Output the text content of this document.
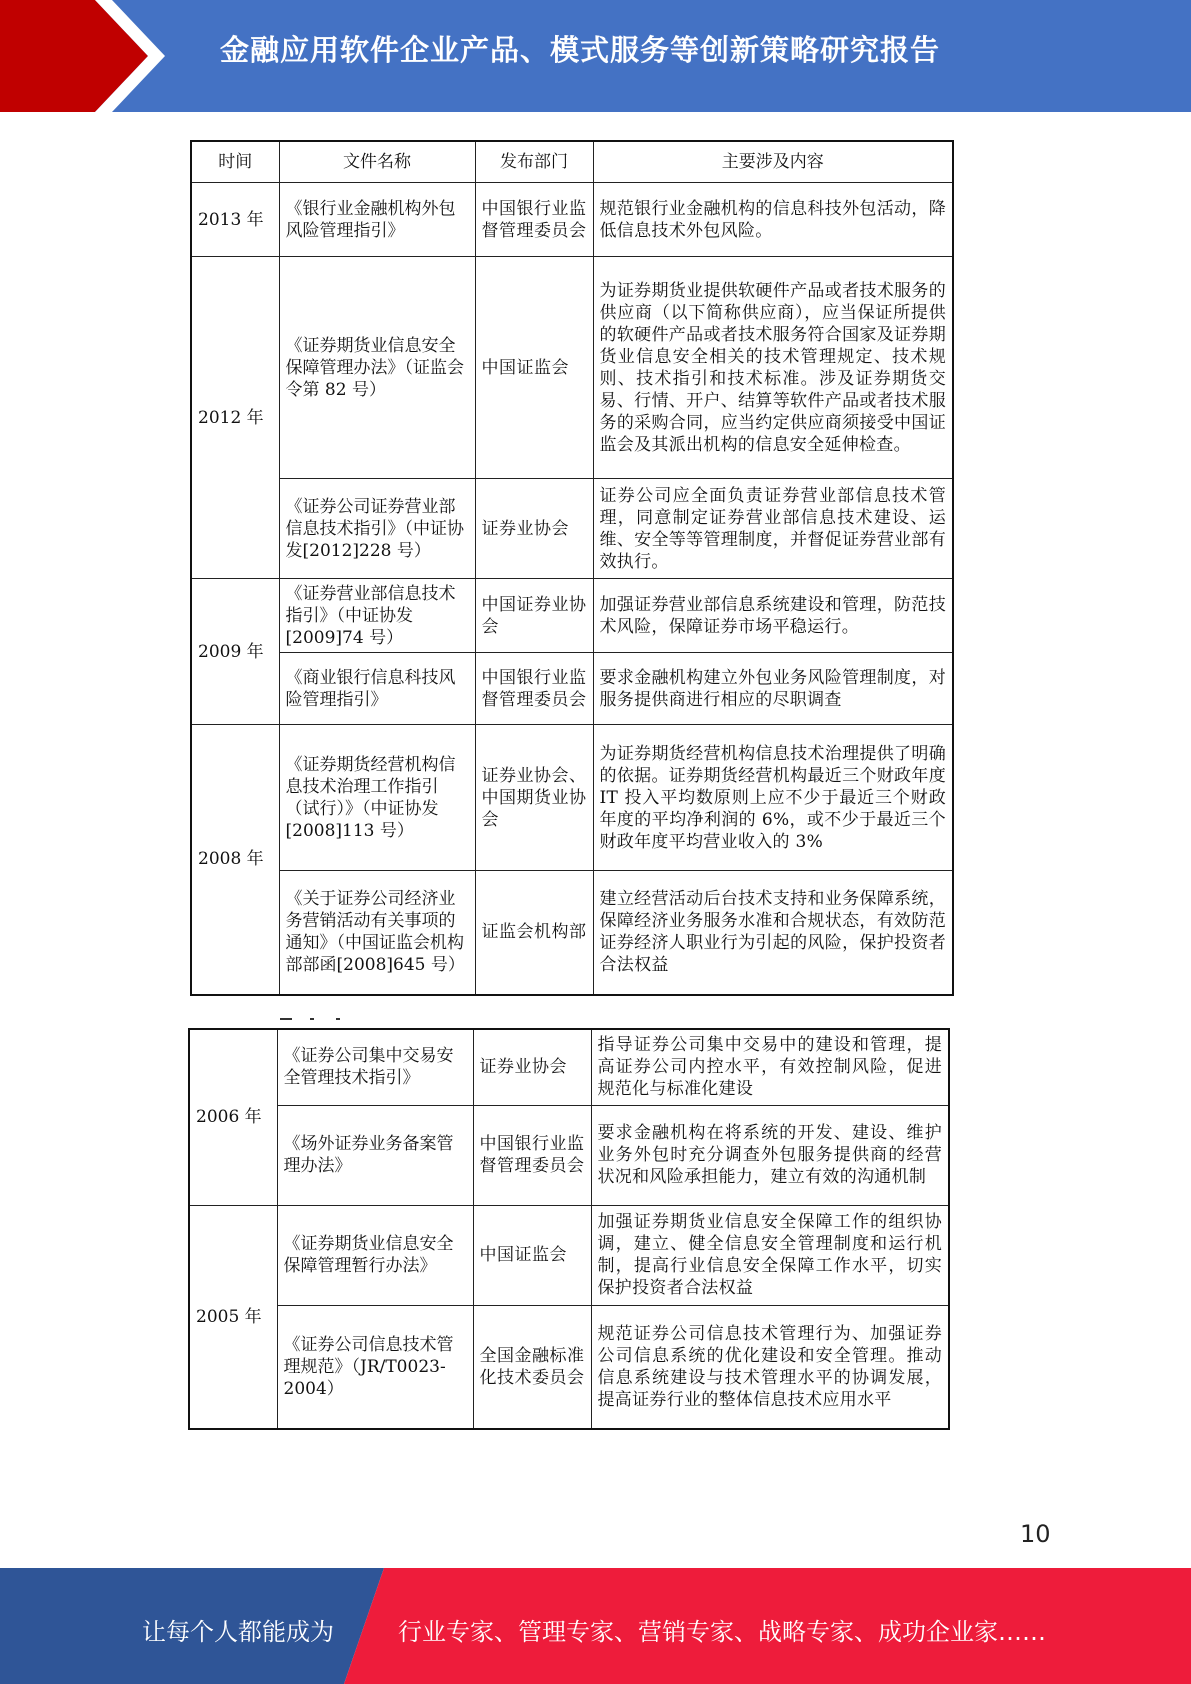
金融应用软件企业产品、模式服务等创新策略研究报告
时间	文件名称	发布部门	主要涉及内容
2013 年	《银行业金融机构外包风险管理指引》	中国银行业监督管理委员会	规范银行业金融机构的信息科技外包活动，降低信息技术外包风险。
2012 年	《证券期货业信息安全保障管理办法》（证监会令第 82 号）	中国证监会	为证券期货业提供软硬件产品或者技术服务的供应商（以下简称供应商），应当保证所提供的软硬件产品或者技术服务符合国家及证券期货业信息安全相关的技术管理规定、技术规则、技术指引和技术标准。涉及证券期货交易、行情、开户、结算等软件产品或者技术服务的采购合同，应当约定供应商须接受中国证监会及其派出机构的信息安全延伸检查。
	《证券公司证券营业部信息技术指引》（中证协发[2012]228 号）	证券业协会	证券公司应全面负责证券营业部信息技术管理，同意制定证券营业部信息技术建设、运维、安全等等管理制度，并督促证券营业部有效执行。
2009 年	《证券营业部信息技术指引》（中证协发[2009]74 号）	中国证券业协会	加强证券营业部信息系统建设和管理，防范技术风险，保障证券市场平稳运行。
	《商业银行信息科技风险管理指引》	中国银行业监督管理委员会	要求金融机构建立外包业务风险管理制度，对服务提供商进行相应的尽职调查
2008 年	《证券期货经营机构信息技术治理工作指引（试行）》（中证协发[2008]113 号）	证券业协会、中国期货业协会	为证券期货经营机构信息技术治理提供了明确的依据。证券期货经营机构最近三个财政年度 IT 投入平均数原则上应不少于最近三个财政年度的平均净利润的 6%，或不少于最近三个财政年度平均营业收入的 3%
	《关于证券公司经济业务营销活动有关事项的通知》（中国证监会机构部部函[2008]645 号）	证监会机构部	建立经营活动后台技术支持和业务保障系统，保障经济业务服务水准和合规状态，有效防范证券经济人职业行为引起的风险，保护投资者合法权益
2006 年	《证券公司集中交易安全管理技术指引》	证券业协会	指导证券公司集中交易中的建设和管理，提高证券公司内控水平，有效控制风险，促进规范化与标准化建设
	《场外证券业务备案管理办法》	中国银行业监督管理委员会	要求金融机构在将系统的开发、建设、维护业务外包时充分调查外包服务提供商的经营状况和风险承担能力，建立有效的沟通机制
2005 年	《证券期货业信息安全保障管理暂行办法》	中国证监会	加强证券期货业信息安全保障工作的组织协调，建立、健全信息安全管理制度和运行机制，提高行业信息安全保障工作水平，切实保护投资者合法权益
	《证券公司信息技术管理规范》（JR/T0023-2004）	全国金融标准化技术委员会	规范证券公司信息技术管理行为、加强证券公司信息系统的优化建设和安全管理。推动信息系统建设与技术管理水平的协调发展，提高证券行业的整体信息技术应用水平
10
让每个人都能成为	行业专家、管理专家、营销专家、战略专家、成功企业家……
